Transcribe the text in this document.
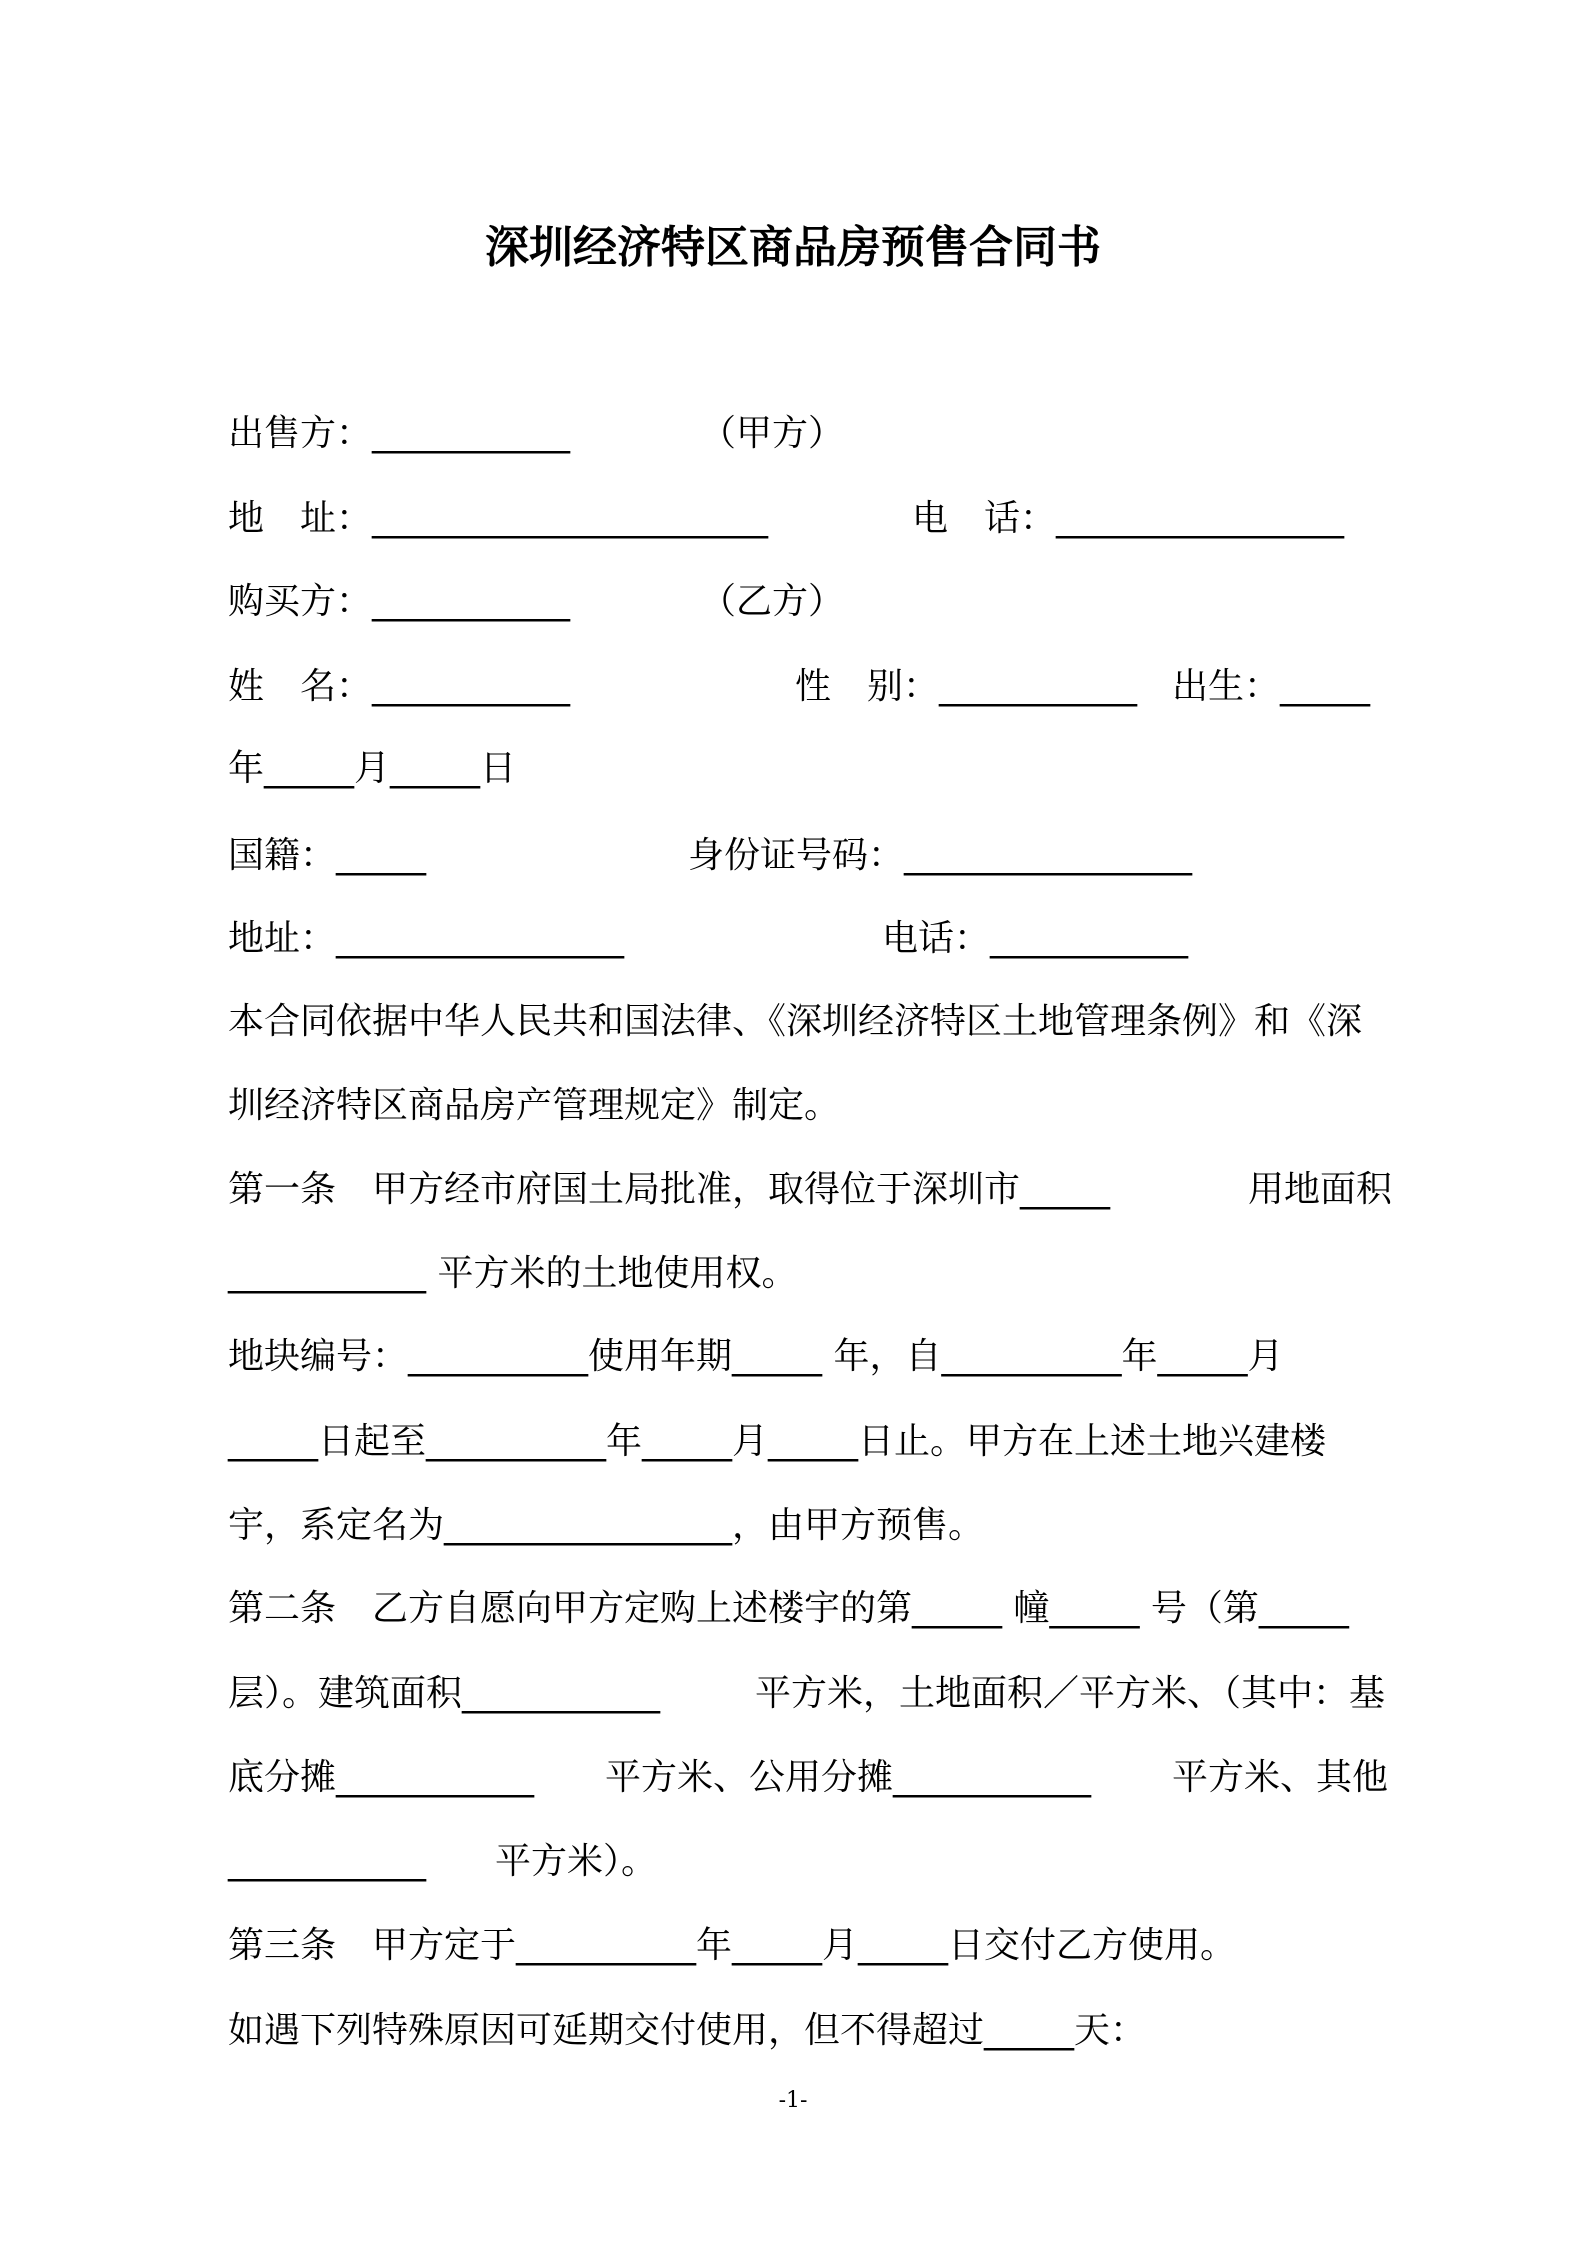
深圳经济特区商品房预售合同书
出售方：___________	（甲方）
地　址：______________________	电　话：________________
购买方：___________	（乙方）
姓　名：___________	性　别：___________ 出生：_____
年_____月_____日
国籍：_____	身份证号码：________________
地址：________________	电话：___________
本合同依据中华人民共和国法律、《深圳经济特区土地管理条例》和《深
圳经济特区商品房产管理规定》制定。
第一条　甲方经市府国土局批准，取得位于深圳市_____	用地面积
___________ 平方米的土地使用权。
地块编号：__________使用年期_____ 年，自__________年_____月
_____日起至__________年_____月_____日止。甲方在上述土地兴建楼
宇，系定名为________________，由甲方预售。
第二条　乙方自愿向甲方定购上述楼宇的第_____ 幢_____ 号（第_____
层）。建筑面积___________	平方米，土地面积／平方米、（其中：基
底分摊___________ 平方米、公用分摊___________ 平方米、其他
___________ 平方米）。
第三条　甲方定于__________年_____月_____日交付乙方使用。
如遇下列特殊原因可延期交付使用，但不得超过_____天：
-1-
